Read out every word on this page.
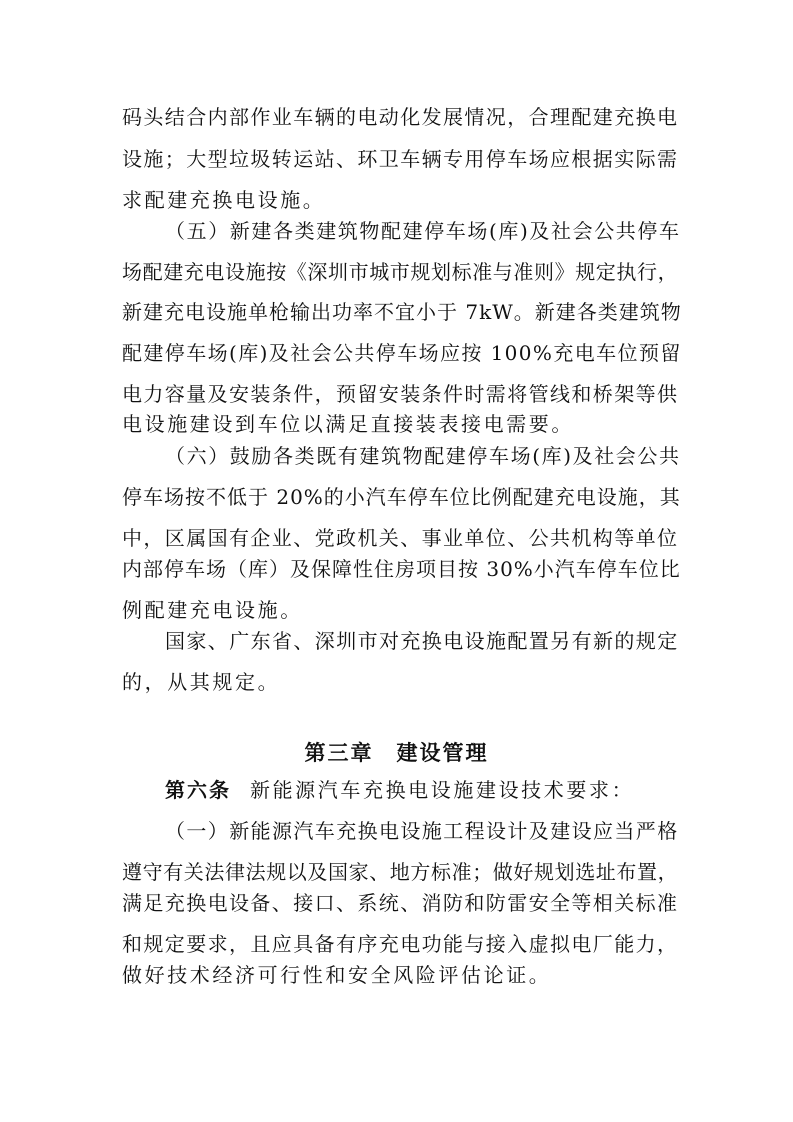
码头结合内部作业车辆的电动化发展情况，合理配建充换电
设施；大型垃圾转运站、环卫车辆专用停车场应根据实际需
求配建充换电设施。
（五）新建各类建筑物配建停车场(库)及社会公共停车
场配建充电设施按《深圳市城市规划标准与准则》规定执行，
新建充电设施单枪输出功率不宜小于 7kW。新建各类建筑物
配建停车场(库)及社会公共停车场应按 100%充电车位预留
电力容量及安装条件，预留安装条件时需将管线和桥架等供
电设施建设到车位以满足直接装表接电需要。
（六）鼓励各类既有建筑物配建停车场(库)及社会公共
停车场按不低于 20%的小汽车停车位比例配建充电设施，其
中，区属国有企业、党政机关、事业单位、公共机构等单位
内部停车场（库）及保障性住房项目按 30%小汽车停车位比
例配建充电设施。
国家、广东省、深圳市对充换电设施配置另有新的规定
的，从其规定。
第三章　建设管理
第六条 新能源汽车充换电设施建设技术要求：
（一）新能源汽车充换电设施工程设计及建设应当严格
遵守有关法律法规以及国家、地方标准；做好规划选址布置，
满足充换电设备、接口、系统、消防和防雷安全等相关标准
和规定要求，且应具备有序充电功能与接入虚拟电厂能力，
做好技术经济可行性和安全风险评估论证。
